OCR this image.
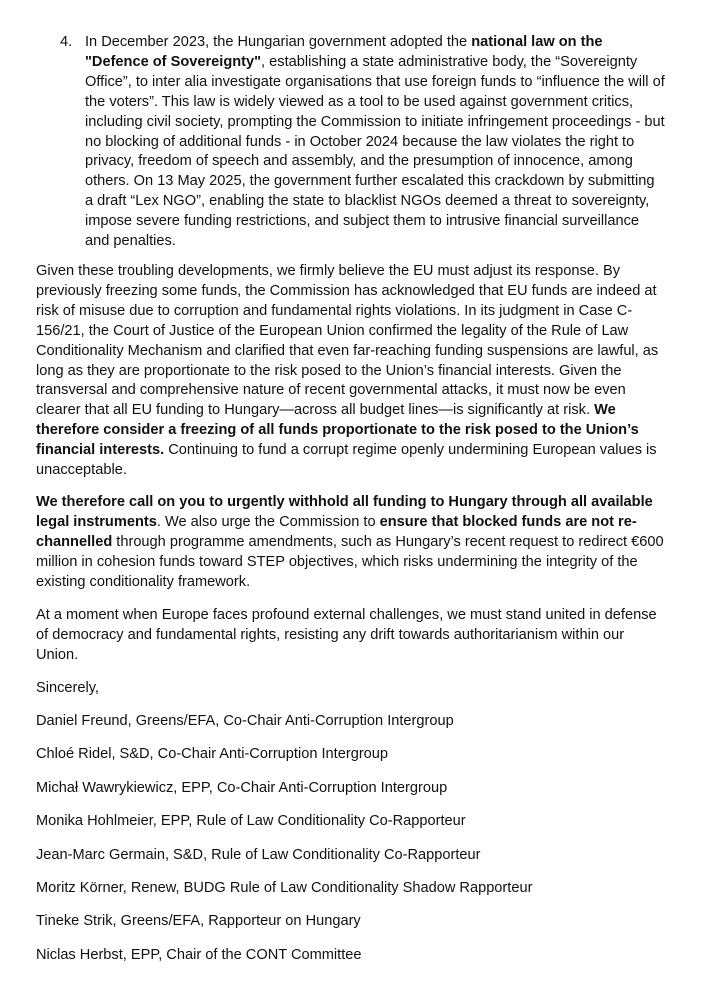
4. In December 2023, the Hungarian government adopted the national law on the "Defence of Sovereignty", establishing a state administrative body, the “Sovereignty Office”, to inter alia investigate organisations that use foreign funds to “influence the will of the voters”. This law is widely viewed as a tool to be used against government critics, including civil society, prompting the Commission to initiate infringement proceedings - but no blocking of additional funds - in October 2024 because the law violates the right to privacy, freedom of speech and assembly, and the presumption of innocence, among others. On 13 May 2025, the government further escalated this crackdown by submitting a draft “Lex NGO”, enabling the state to blacklist NGOs deemed a threat to sovereignty, impose severe funding restrictions, and subject them to intrusive financial surveillance and penalties.

Given these troubling developments, we firmly believe the EU must adjust its response. By previously freezing some funds, the Commission has acknowledged that EU funds are indeed at risk of misuse due to corruption and fundamental rights violations. In its judgment in Case C-156/21, the Court of Justice of the European Union confirmed the legality of the Rule of Law Conditionality Mechanism and clarified that even far-reaching funding suspensions are lawful, as long as they are proportionate to the risk posed to the Union’s financial interests. Given the transversal and comprehensive nature of recent governmental attacks, it must now be even clearer that all EU funding to Hungary—across all budget lines—is significantly at risk. We therefore consider a freezing of all funds proportionate to the risk posed to the Union’s financial interests. Continuing to fund a corrupt regime openly undermining European values is unacceptable.

We therefore call on you to urgently withhold all funding to Hungary through all available legal instruments. We also urge the Commission to ensure that blocked funds are not re-channelled through programme amendments, such as Hungary’s recent request to redirect €600 million in cohesion funds toward STEP objectives, which risks undermining the integrity of the existing conditionality framework.

At a moment when Europe faces profound external challenges, we must stand united in defense of democracy and fundamental rights, resisting any drift towards authoritarianism within our Union.

Sincerely,

Daniel Freund, Greens/EFA, Co-Chair Anti-Corruption Intergroup
Chloé Ridel, S&D, Co-Chair Anti-Corruption Intergroup
Michał Wawrykiewicz, EPP, Co-Chair Anti-Corruption Intergroup
Monika Hohlmeier, EPP, Rule of Law Conditionality Co-Rapporteur
Jean-Marc Germain, S&D, Rule of Law Conditionality Co-Rapporteur
Moritz Körner, Renew, BUDG Rule of Law Conditionality Shadow Rapporteur
Tineke Strik, Greens/EFA, Rapporteur on Hungary
Niclas Herbst, EPP, Chair of the CONT Committee
